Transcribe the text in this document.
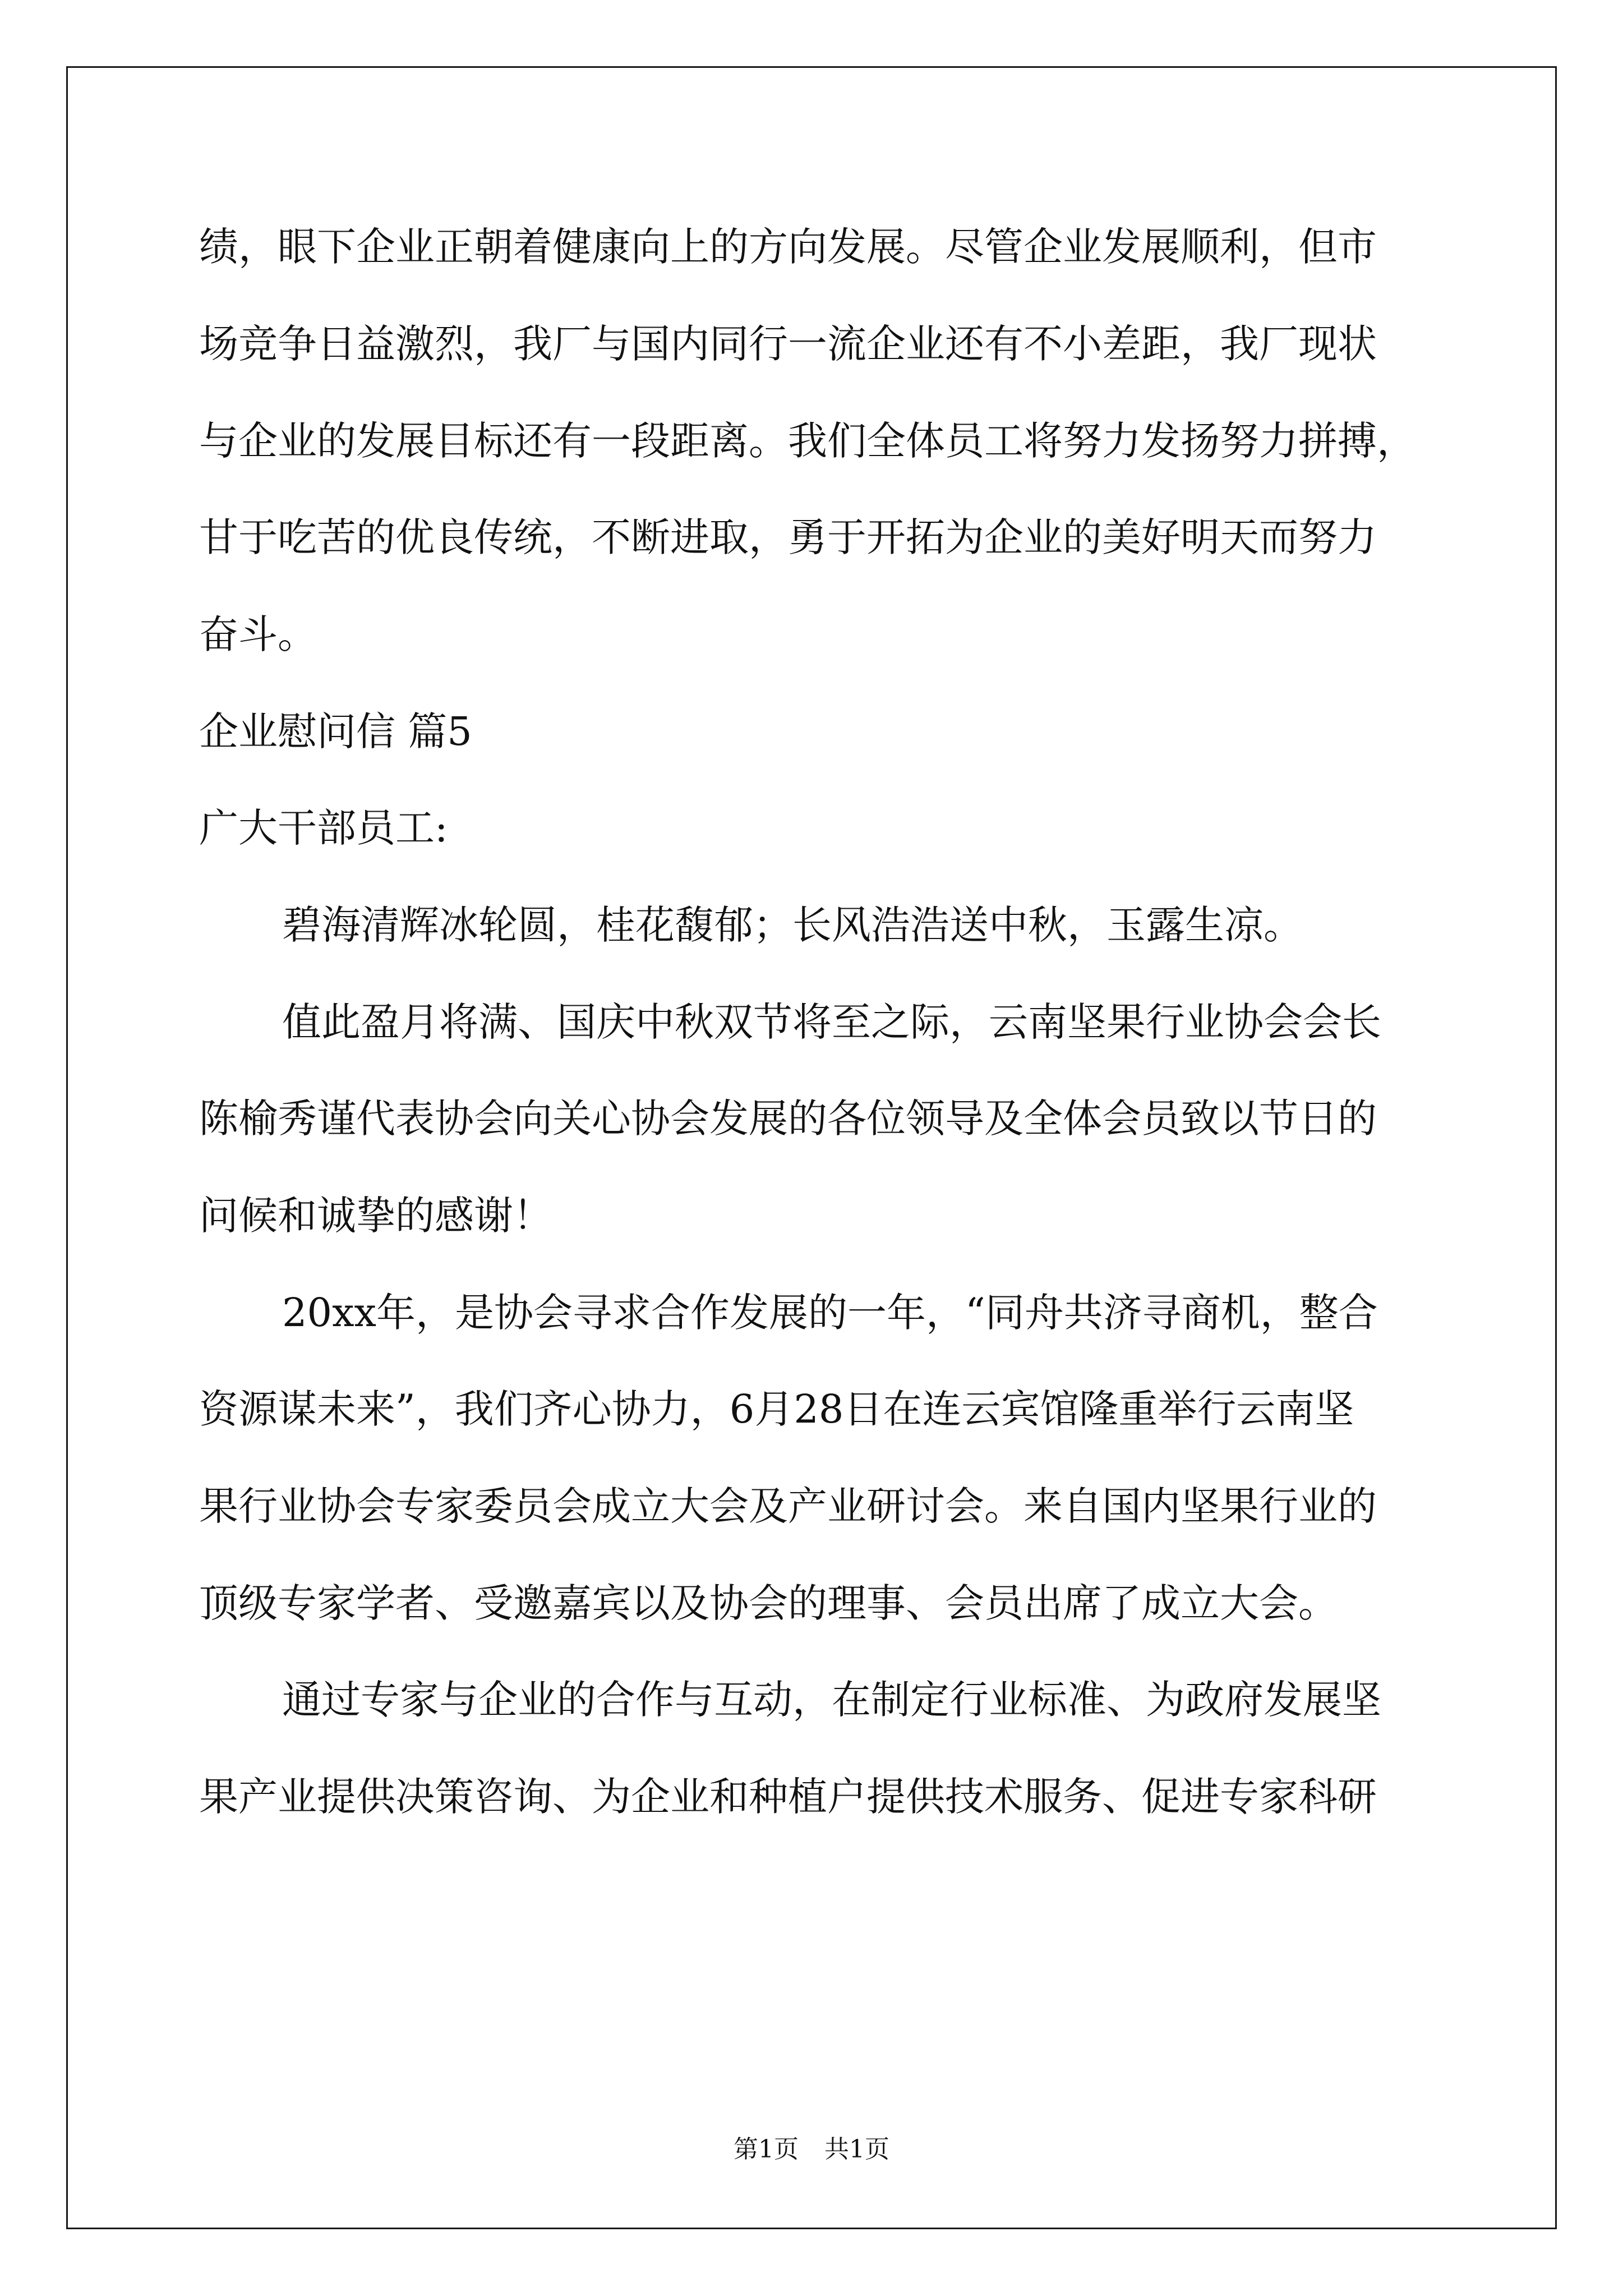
绩，眼下企业正朝着健康向上的方向发展。尽管企业发展顺利，但市
场竞争日益激烈，我厂与国内同行一流企业还有不小差距，我厂现状
与企业的发展目标还有一段距离。我们全体员工将努力发扬努力拼搏，
甘于吃苦的优良传统，不断进取，勇于开拓为企业的美好明天而努力
奋斗。
企业慰问信 篇5
广大干部员工:
碧海清辉冰轮圆，桂花馥郁；长风浩浩送中秋，玉露生凉。
值此盈月将满、国庆中秋双节将至之际，云南坚果行业协会会长
陈榆秀谨代表协会向关心协会发展的各位领导及全体会员致以节日的
问候和诚挚的感谢！
20xx年，是协会寻求合作发展的一年，“同舟共济寻商机，整合
资源谋未来”，我们齐心协力，6月28日在连云宾馆隆重举行云南坚
果行业协会专家委员会成立大会及产业研讨会。来自国内坚果行业的
顶级专家学者、受邀嘉宾以及协会的理事、会员出席了成立大会。
通过专家与企业的合作与互动，在制定行业标准、为政府发展坚
果产业提供决策咨询、为企业和种植户提供技术服务、促进专家科研
第1页 共1页
